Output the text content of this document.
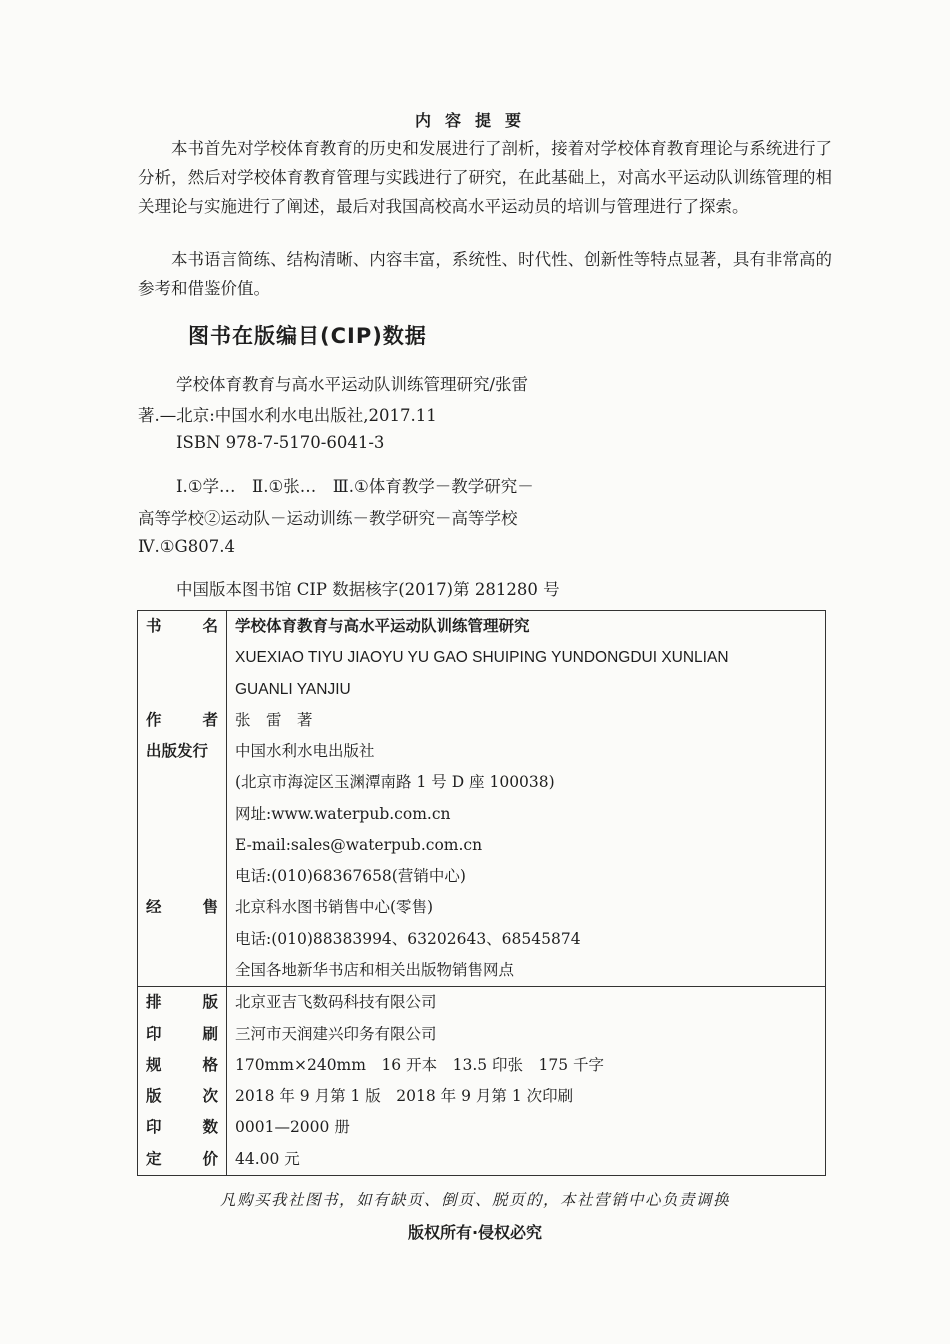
内容提要

本书首先对学校体育教育的历史和发展进行了剖析，接着对学校体育教育理论与系统进行了分析，然后对学校体育教育管理与实践进行了研究，在此基础上，对高水平运动队训练管理的相关理论与实施进行了阐述，最后对我国高校高水平运动员的培训与管理进行了探索。

本书语言简练、结构清晰、内容丰富，系统性、时代性、创新性等特点显著，具有非常高的参考和借鉴价值。

图书在版编目(CIP)数据
学校体育教育与高水平运动队训练管理研究/张雷
著.—北京:中国水利水电出版社,2017.11
ISBN 978-7-5170-6041-3
Ⅰ.①学…　Ⅱ.①张…　Ⅲ.①体育教学－教学研究－
高等学校②运动队－运动训练－教学研究－高等学校
Ⅳ.①G807.4
中国版本图书馆 CIP 数据核字(2017)第 281280 号
书 名	学校体育教育与高水平运动队训练管理研究
	XUEXIAO TIYU JIAOYU YU GAO SHUIPING YUNDONGDUI XUNLIAN
	GUANLI YANJIU

作 者	张　雷　著
出版发行	中国水利水电出版社
	(北京市海淀区玉渊潭南路 1 号 D 座 100038)
	网址:www.waterpub.com.cn
	E-mail:sales@waterpub.com.cn
	电话:(010)68367658(营销中心)

经 售	北京科水图书销售中心(零售)
	电话:(010)88383994、63202643、68545874
	全国各地新华书店和相关出版物销售网点

排 版	北京亚吉飞数码科技有限公司

印 刷	三河市天润建兴印务有限公司

规 格	170mm×240mm　16 开本　13.5 印张　175 千字

版 次	2018 年 9 月第 1 版　2018 年 9 月第 1 次印刷

印 数	0001—2000 册

定 价	44.00 元
凡购买我社图书，如有缺页、倒页、脱页的，本社营销中心负责调换
版权所有·侵权必究
